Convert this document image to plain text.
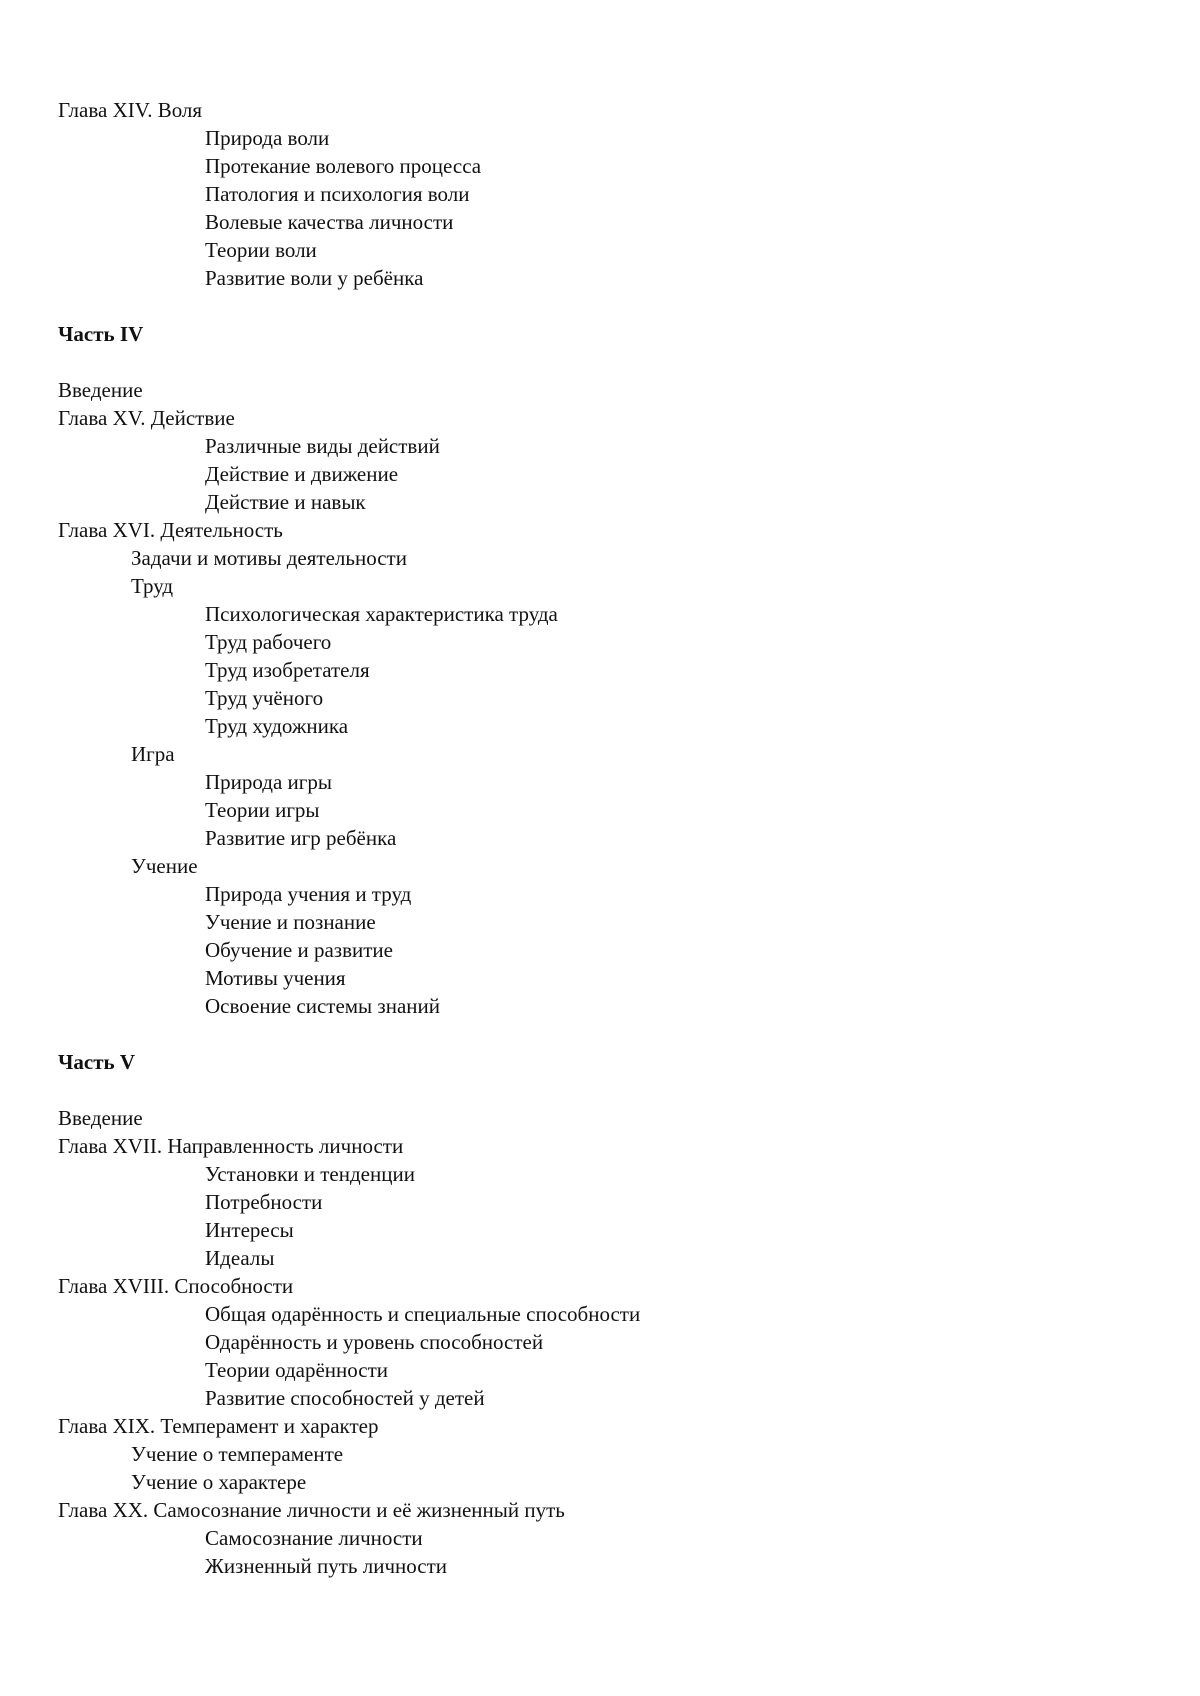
Глава XIV. Воля
Природа воли
Протекание волевого процесса
Патология и психология воли
Волевые качества личности
Теории воли
Развитие воли у ребёнка
Часть IV
Введение
Глава XV. Действие
Различные виды действий
Действие и движение
Действие и навык
Глава XVI. Деятельность
Задачи и мотивы деятельности
Труд
Психологическая характеристика труда
Труд рабочего
Труд изобретателя
Труд учёного
Труд художника
Игра
Природа игры
Теории игры
Развитие игр ребёнка
Учение
Природа учения и труд
Учение и познание
Обучение и развитие
Мотивы учения
Освоение системы знаний
Часть V
Введение
Глава XVII. Направленность личности
Установки и тенденции
Потребности
Интересы
Идеалы
Глава XVIII. Способности
Общая одарённость и специальные способности
Одарённость и уровень способностей
Теории одарённости
Развитие способностей у детей
Глава XIX. Темперамент и характер
Учение о темпераменте
Учение о характере
Глава XX. Самосознание личности и её жизненный путь
Самосознание личности
Жизненный путь личности
